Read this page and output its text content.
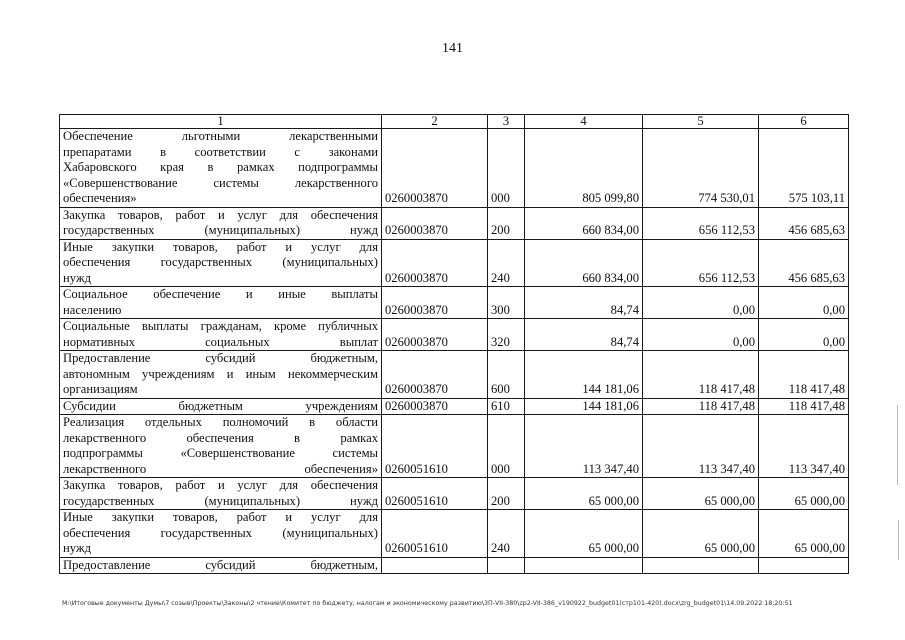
141
1	2	3	4	5	6

Обеспечение льготными лекарственными
препаратами в соответствии с законами
Хабаровского края в рамках подпрограммы
«Совершенствование системы лекарственного
обеспечения»	0260003870	000	805 099,80	774 530,01	575 103,11

Закупка товаров, работ и услуг для обеспечения
государственных (муниципальных) нужд	0260003870	200	660 834,00	656 112,53	456 685,63

Иные закупки товаров, работ и услуг для
обеспечения государственных (муниципальных)
нужд	0260003870	240	660 834,00	656 112,53	456 685,63

Социальное обеспечение и иные выплаты
населению	0260003870	300	84,74	0,00	0,00

Социальные выплаты гражданам, кроме публичных
нормативных социальных выплат	0260003870	320	84,74	0,00	0,00

Предоставление субсидий бюджетным,
автономным учреждениям и иным некоммерческим
организациям	0260003870	600	144 181,06	118 417,48	118 417,48

Субсидии бюджетным учреждениям	0260003870	610	144 181,06	118 417,48	118 417,48

Реализация отдельных полномочий в области
лекарственного обеспечения в рамках
подпрограммы «Совершенствование системы
лекарственного обеспечения»	0260051610	000	113 347,40	113 347,40	113 347,40

Закупка товаров, работ и услуг для обеспечения
государственных (муниципальных) нужд	0260051610	200	65 000,00	65 000,00	65 000,00

Иные закупки товаров, работ и услуг для
обеспечения государственных (муниципальных)
нужд	0260051610	240	65 000,00	65 000,00	65 000,00

Предоставление субсидий бюджетным,					

M:\Итоговые документы Думы\7 созыв\Проекты\Законы\2 чтение\Комитет по бюджету, налогам и экономическому развитию\3П-VII-380\zp2-VII-386_v190922_budget01(стр101-420).docx\zrg_budget01\14.09.2022 18:20:51
